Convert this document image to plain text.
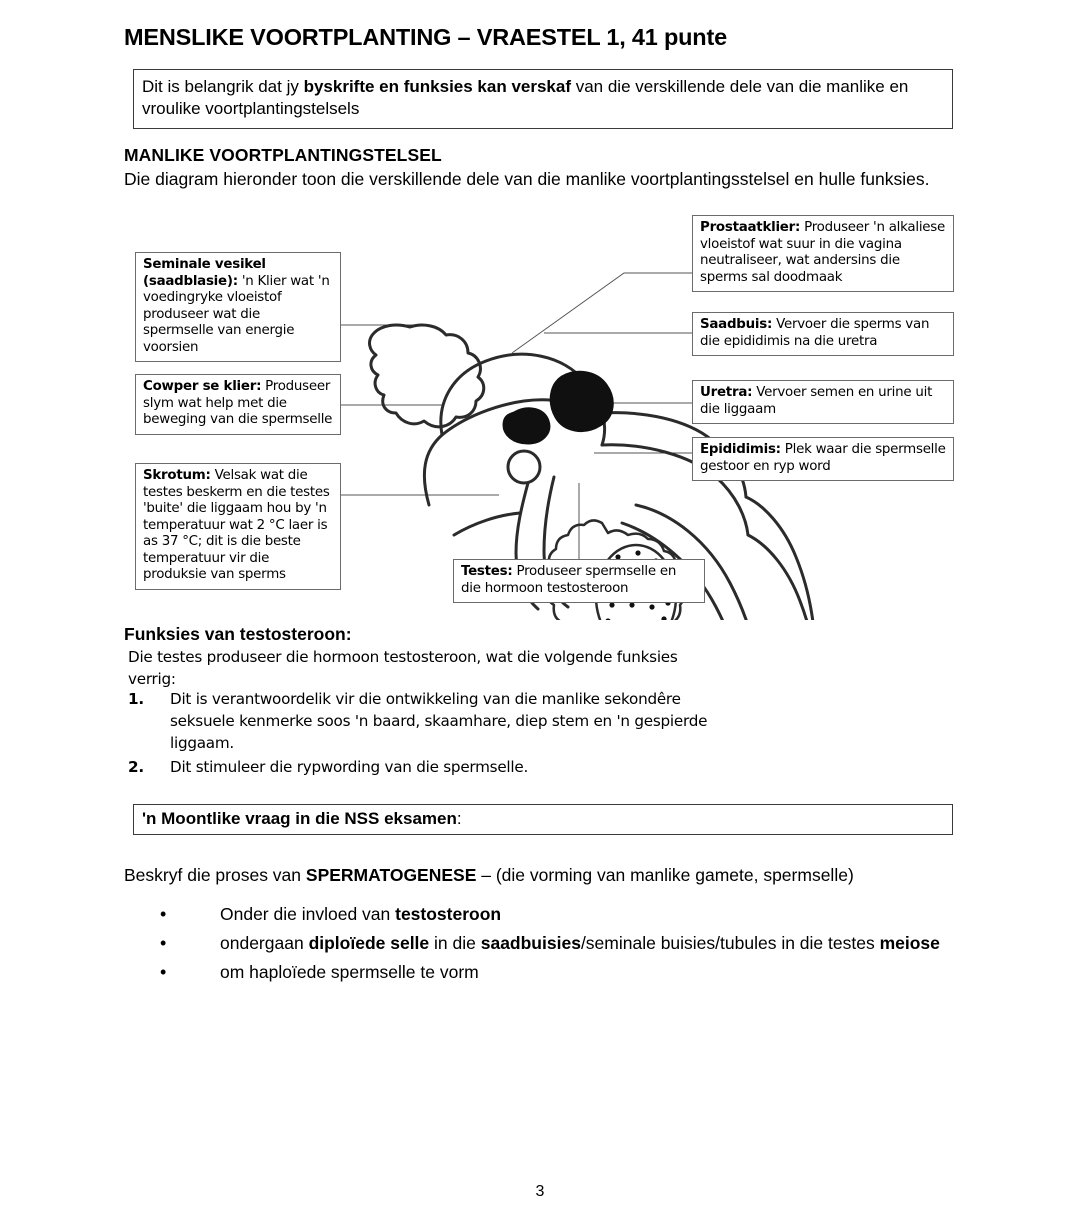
MENSLIKE VOORTPLANTING – VRAESTEL 1, 41 punte
Dit is belangrik dat jy byskrifte en funksies kan verskaf van die verskillende dele van die manlike en vroulike voortplantingstelsels
MANLIKE VOORTPLANTINGSTELSEL
Die diagram hieronder toon die verskillende dele van die manlike voortplantingsstelsel en hulle funksies.
Seminale vesikel (saadblasie): 'n Klier wat 'n voedingryke vloeistof produseer wat die spermselle van energie voorsien
Cowper se klier: Produseer slym wat help met die beweging van die spermselle
Skrotum: Velsak wat die testes beskerm en die testes 'buite' die liggaam hou by 'n temperatuur wat 2 °C laer is as 37 °C; dit is die beste temperatuur vir die produksie van sperms
Prostaatklier: Produseer 'n alkaliese vloeistof wat suur in die vagina neutraliseer, wat andersins die sperms sal doodmaak
Saadbuis: Vervoer die sperms van die epididimis na die uretra
Uretra: Vervoer semen en urine uit die liggaam
Epididimis: Plek waar die spermselle gestoor en ryp word
Testes: Produseer spermselle en die hormoon testosteroon
Funksies van testosteroon:
Die testes produseer die hormoon testosteroon, wat die volgende funksies verrig:
1. Dit is verantwoordelik vir die ontwikkeling van die manlike sekondêre seksuele kenmerke soos 'n baard, skaamhare, diep stem en 'n gespierde liggaam.
2. Dit stimuleer die rypwording van die spermselle.
'n Moontlike vraag in die NSS eksamen:
Beskryf die proses van SPERMATOGENESE – (die vorming van manlike gamete, spermselle)
•	Onder die invloed van testosteroon
•	ondergaan diploïede selle in die saadbuisies/seminale buisies/tubules in die testes meiose
•	om haploïede spermselle te vorm
3
